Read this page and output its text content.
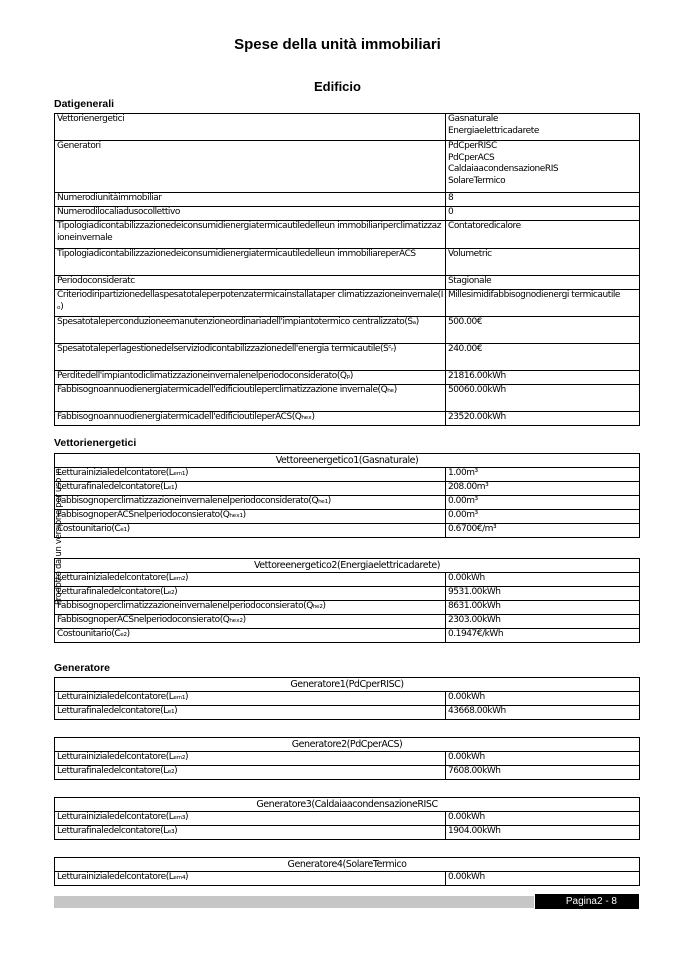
Spese della unità immobiliari
Edificio
Datigenerali
Vettorienergetici	Gasnaturale
Energiaelettricadarete
Generatori	PdCperRISC
PdCperACS
CaldaiaacondensazioneRIS
SolareTermico
Numerodiunitàimmobiliar	8
Numerodilocaliadusocollettivo	0
Tipologiadicontabilizzazionedeiconsumidienergiatermicautiledelleun immobiliariperclimatizzazioneinvernale	Contatoredicalore
Tipologiadicontabilizzazionedeiconsumidienergiatermicautiledelleun immobiliareperACS	Volumetric
Periodoconsideratc	Stagionale
Criteriodiripartizionedellaspesatotaleperpotenzatermicainstallataper climatizzazioneinvernale(Iₒ)	Millesimidifabbisognodienergi termicautile
Spesatotaleperconduzioneemanutenzioneordinariadell'impiantotermico centralizzato(Sₐ)	500.00€
Spesatotaleperlagestionedelserviziodicontabilizzazionedell'energia termicautile(Sᶜᵣ)	240.00€
Perditedell'impiantodiclimatizzazioneinvernalenelperiodoconsiderato(Qₚ)	21816.00kWh
Fabbisognoannuodienergiatermicadell'edificioutileperclimatizzazione invernale(Qₕₑ)	50060.00kWh
Fabbisognoannuodienergiatermicadell'edificioutileperACS(Qₕₑₓ)	23520.00kWh
Vettorienergetici
Vettoreenergetico1(Gasnaturale)	
Letturainizialedelcontatore(Lₑₘ₁)	1.00m³
Letturafinaledelcontatore(Lₑ₁)	208.00m³
Fabbisognoperclimatizzazioneinvernalenelperiodoconsiderato(Qₕₑ₁)	0.00m³
FabbisognoperACSnelperiodoconsierato(Qₕₑₓ₁)	0.00m³
Costounitario(Cₑ₁)	0.6700€/m³
Vettoreenergetico2(Energiaelettricadarete)	
Letturainizialedelcontatore(Lₑₘ₂)	0.00kWh
Letturafinaledelcontatore(Lₑ₂)	9531.00kWh
Fabbisognoperclimatizzazioneinvernalenelperiodoconsierato(Qₕₑ₂)	8631.00kWh
FabbisognoperACSnelperiodoconsierato(Qₕₑₓ₂)	2303.00kWh
Costounitario(Cₑ₂)	0.1947€/kWh
Generatore
Generatore1(PdCperRISC)	
Letturainizialedelcontatore(Lₑₘ₁)	0.00kWh
Letturafinaledelcontatore(Lₑ₁)	43668.00kWh
Generatore2(PdCperACS)	
Letturainizialedelcontatore(Lₑₘ₂)	0.00kWh
Letturafinaledelcontatore(Lₑ₂)	7608.00kWh
Generatore3(CaldaiaacondensazioneRISC	
Letturainizialedelcontatore(Lₑₘ₃)	0.00kWh
Letturafinaledelcontatore(Lₑ₃)	1904.00kWh
Generatore4(SolareTermico
Letturainizialedelcontatore(Lₑₘ₄)	0.00kWh
Prodotto da un versione per uso in
Pagina2 - 8
